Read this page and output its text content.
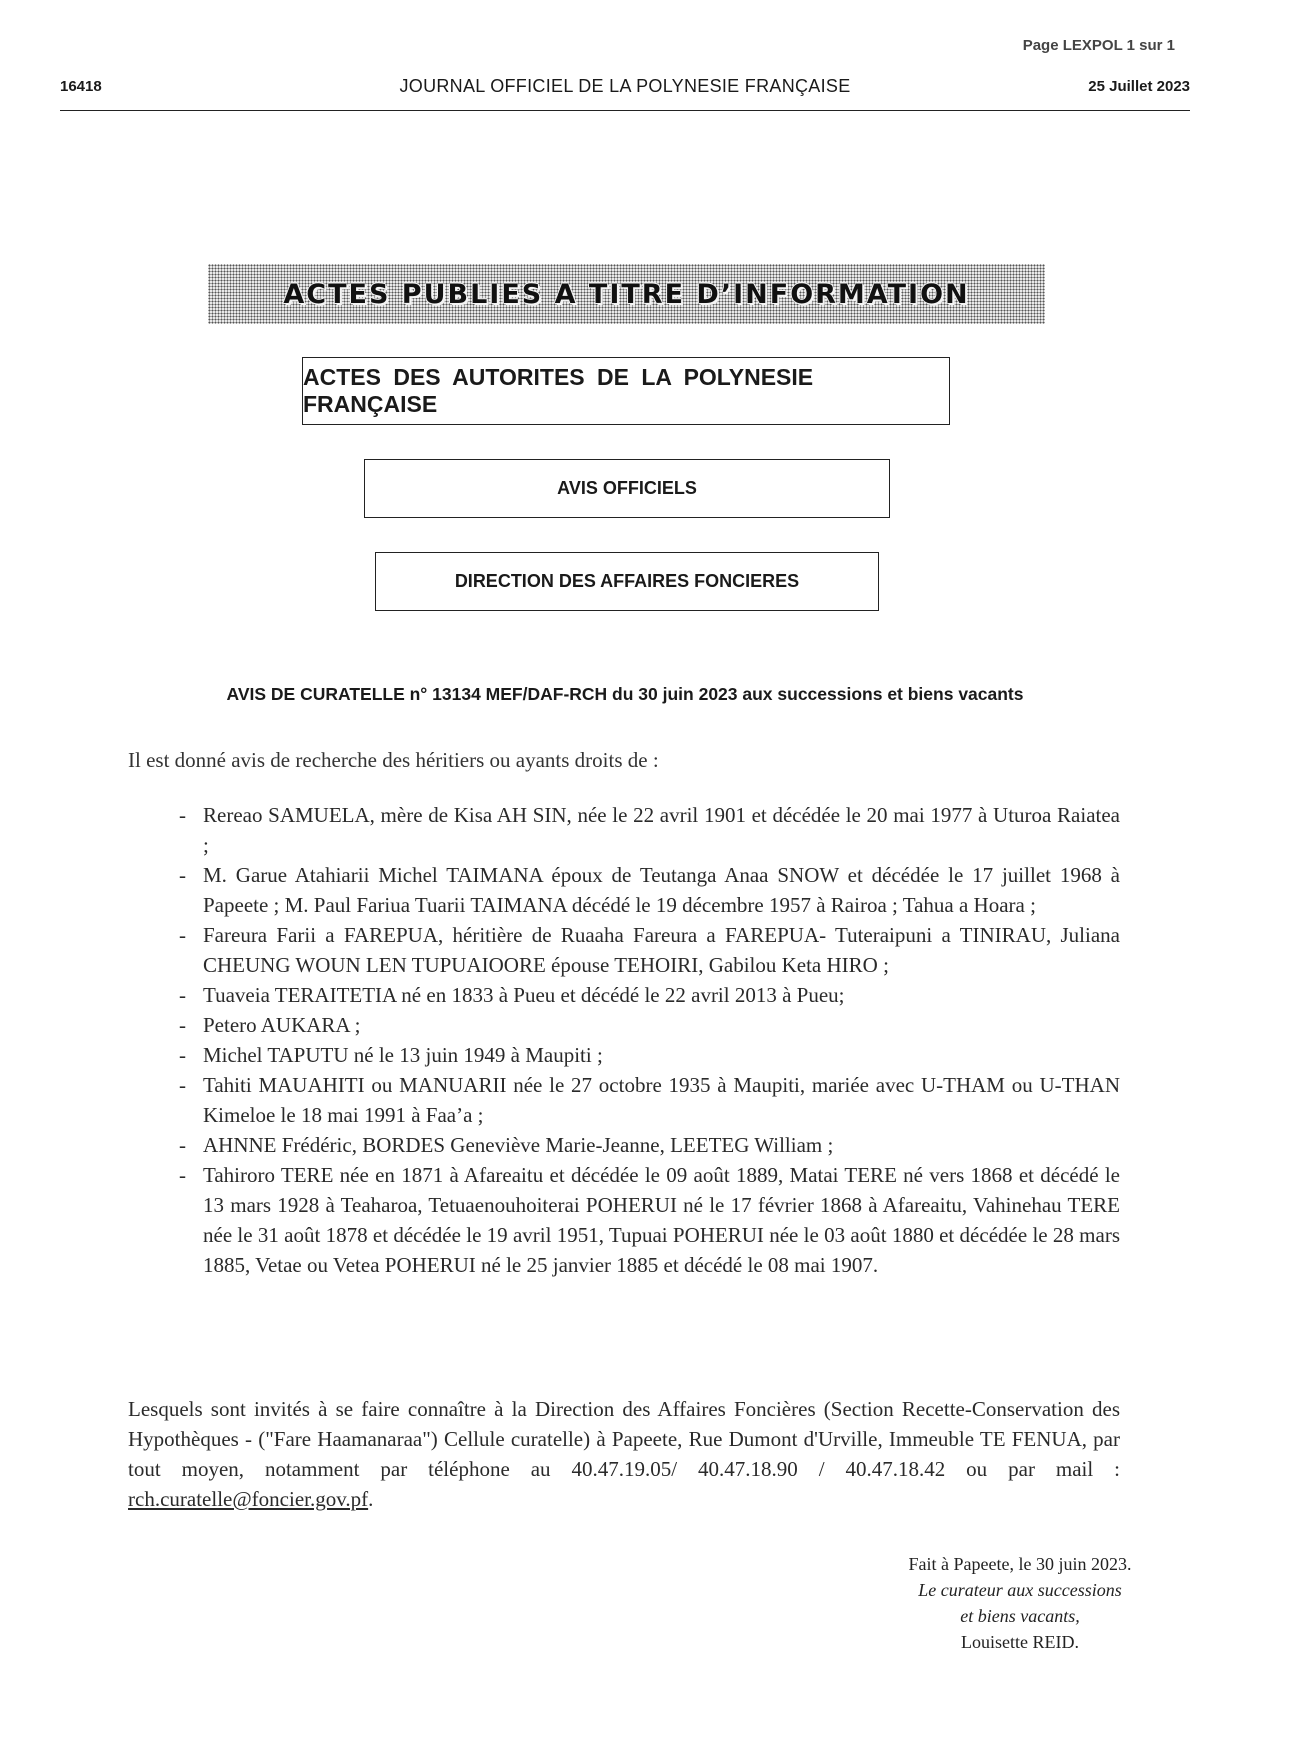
Page LEXPOL 1 sur 1
16418	JOURNAL OFFICIEL DE LA POLYNESIE FRANÇAISE	25 Juillet 2023
ACTES PUBLIES A TITRE D’INFORMATION
ACTES DES AUTORITES DE LA POLYNESIE FRANÇAISE
AVIS OFFICIELS
DIRECTION DES AFFAIRES FONCIERES
AVIS DE CURATELLE n° 13134 MEF/DAF-RCH du 30 juin 2023 aux successions et biens vacants
Il est donné avis de recherche des héritiers ou ayants droits de :
- Rereao SAMUELA, mère de Kisa AH SIN, née le 22 avril 1901 et décédée le 20 mai 1977 à Uturoa Raiatea ;
- M. Garue Atahiarii Michel TAIMANA époux de Teutanga Anaa SNOW et décédée le 17 juillet 1968 à Papeete ; M. Paul Fariua Tuarii TAIMANA décédé le 19 décembre 1957 à Rairoa ; Tahua a Hoara ;
- Fareura Farii a FAREPUA, héritière de Ruaaha Fareura a FAREPUA- Tuteraipuni a TINIRAU, Juliana CHEUNG WOUN LEN TUPUAIOORE épouse TEHOIRI, Gabilou Keta HIRO ;
- Tuaveia TERAITETIA né en 1833 à Pueu et décédé le 22 avril 2013 à Pueu;
- Petero AUKARA ;
- Michel TAPUTU né le 13 juin 1949 à Maupiti ;
- Tahiti MAUAHITI ou MANUARII née le 27 octobre 1935 à Maupiti, mariée avec U-THAM ou U-THAN Kimeloe le 18 mai 1991 à Faa’a ;
- AHNNE Frédéric, BORDES Geneviève Marie-Jeanne, LEETEG William ;
- Tahiroro TERE née en 1871 à Afareaitu et décédée le 09 août 1889, Matai TERE né vers 1868 et décédé le 13 mars 1928 à Teaharoa, Tetuaenouhoiterai POHERUI né le 17 février 1868 à Afareaitu, Vahinehau TERE née le 31 août 1878 et décédée le 19 avril 1951, Tupuai POHERUI née le 03 août 1880 et décédée le 28 mars 1885, Vetae ou Vetea POHERUI né le 25 janvier 1885 et décédé le 08 mai 1907.
Lesquels sont invités à se faire connaître à la Direction des Affaires Foncières (Section Recette-Conservation des Hypothèques - ("Fare Haamanaraa") Cellule curatelle) à Papeete, Rue Dumont d'Urville, Immeuble TE FENUA, par tout moyen, notamment par téléphone au 40.47.19.05/ 40.47.18.90 / 40.47.18.42 ou par mail : rch.curatelle@foncier.gov.pf.
Fait à Papeete, le 30 juin 2023.
Le curateur aux successions
et biens vacants,
Louisette REID.
